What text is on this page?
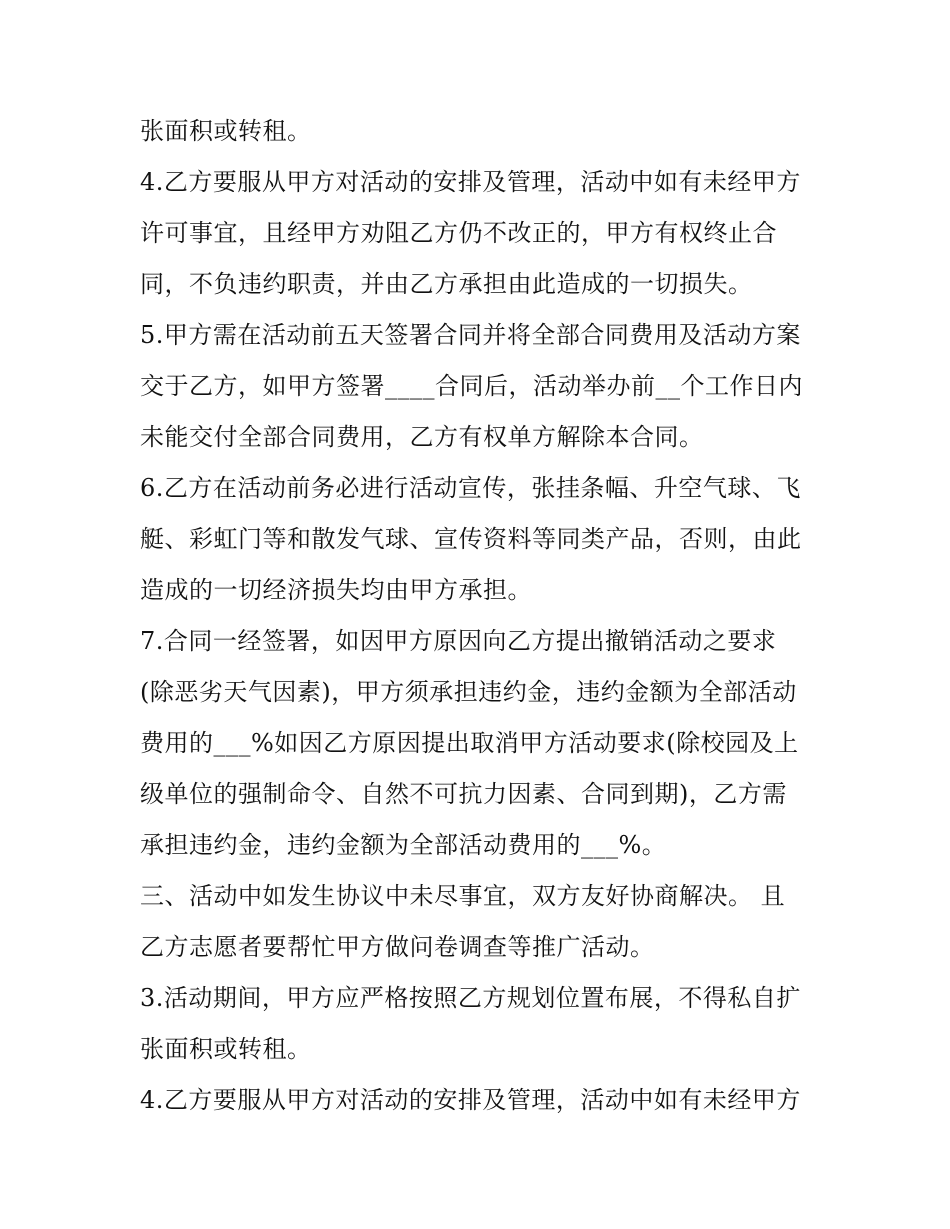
张面积或转租。
4.乙方要服从甲方对活动的安排及管理，活动中如有未经甲方
许可事宜，且经甲方劝阻乙方仍不改正的，甲方有权终止合
同，不负违约职责，并由乙方承担由此造成的一切损失。
5.甲方需在活动前五天签署合同并将全部合同费用及活动方案
交于乙方，如甲方签署____合同后，活动举办前__个工作日内
未能交付全部合同费用，乙方有权单方解除本合同。
6.乙方在活动前务必进行活动宣传，张挂条幅、升空气球、飞
艇、彩虹门等和散发气球、宣传资料等同类产品，否则，由此
造成的一切经济损失均由甲方承担。
7.合同一经签署，如因甲方原因向乙方提出撤销活动之要求
(除恶劣天气因素)，甲方须承担违约金，违约金额为全部活动
费用的___%如因乙方原因提出取消甲方活动要求(除校园及上
级单位的强制命令、自然不可抗力因素、合同到期)，乙方需
承担违约金，违约金额为全部活动费用的___%。
三、活动中如发生协议中未尽事宜，双方友好协商解决。 且
乙方志愿者要帮忙甲方做问卷调查等推广活动。
3.活动期间，甲方应严格按照乙方规划位置布展，不得私自扩
张面积或转租。
4.乙方要服从甲方对活动的安排及管理，活动中如有未经甲方
